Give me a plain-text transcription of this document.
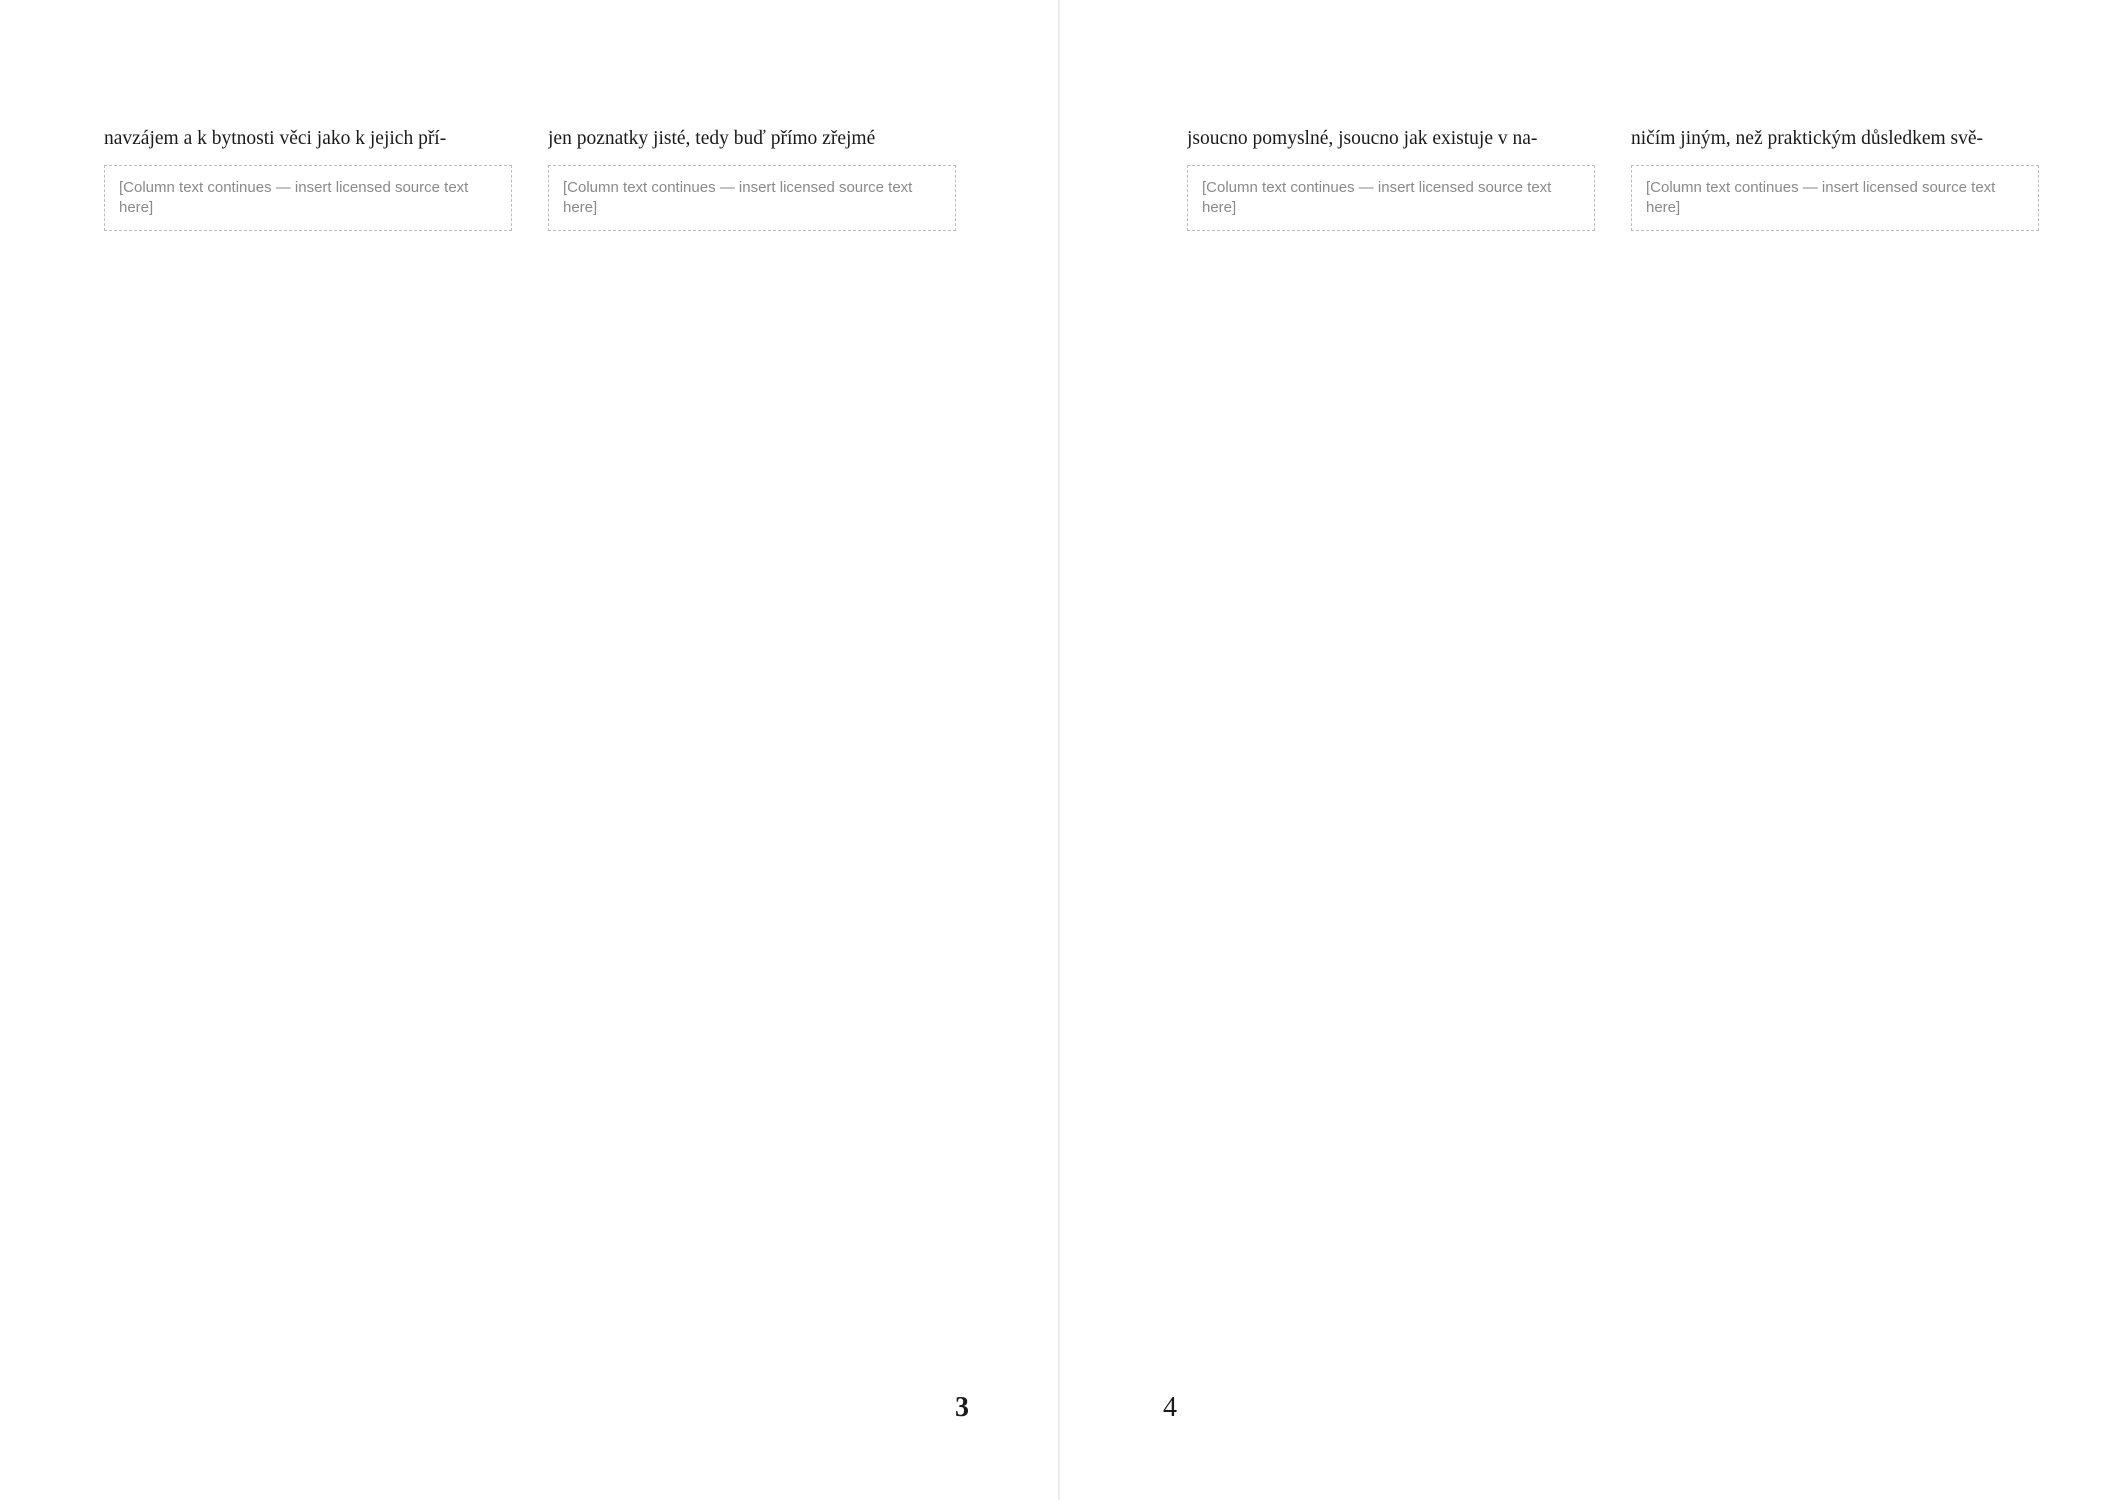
navzájem a k bytnosti věci jako k jejich pří-
[Column text continues — insert licensed source text here]
jen poznatky jisté, tedy buď přímo zřejmé
[Column text continues — insert licensed source text here]
3
jsoucno pomyslné, jsoucno jak existuje v na-
[Column text continues — insert licensed source text here]
ničím jiným, než praktickým důsledkem svě-
[Column text continues — insert licensed source text here]
4
